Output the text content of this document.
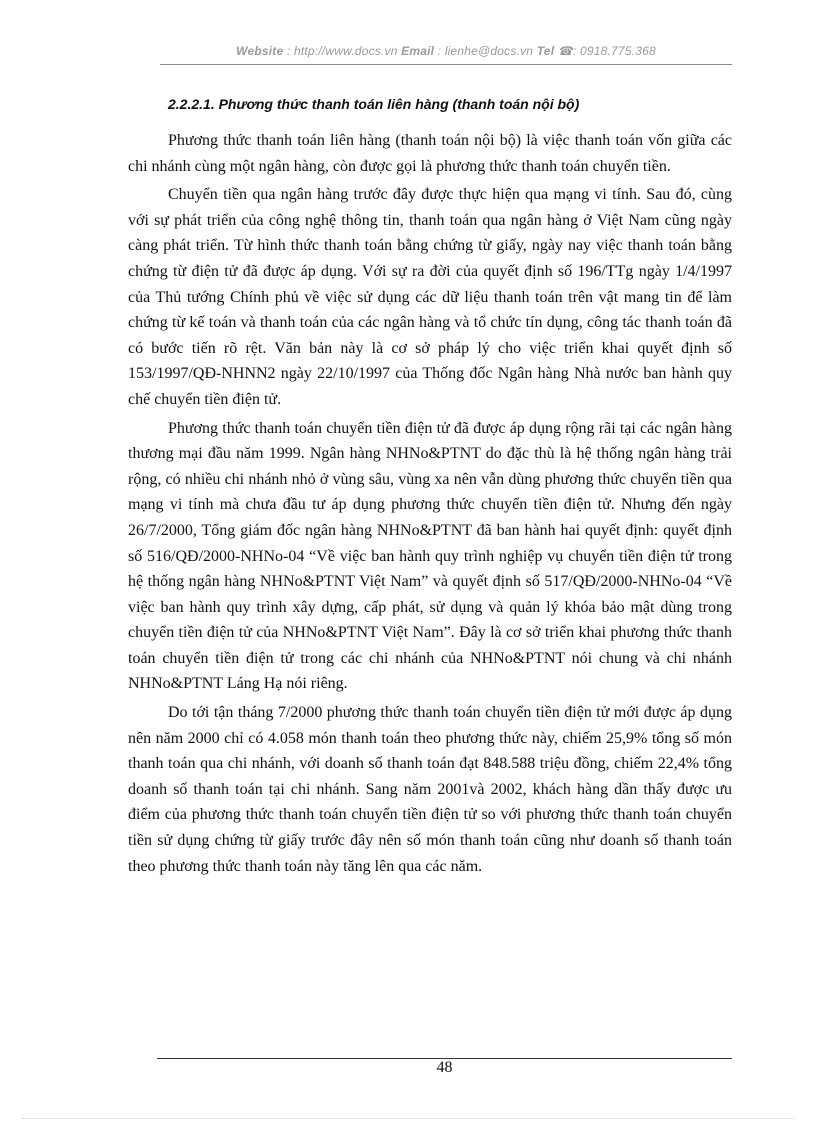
Website : http://www.docs.vn Email : lienhe@docs.vn Tel ☎: 0918.775.368
2.2.2.1. Phương thức thanh toán liên hàng (thanh toán nội bộ)

Phương thức thanh toán liên hàng (thanh toán nội bộ) là việc thanh toán vốn giữa các chi nhánh cùng một ngân hàng, còn được gọi là phương thức thanh toán chuyển tiền.

Chuyển tiền qua ngân hàng trước đây được thực hiện qua mạng vi tính. Sau đó, cùng với sự phát triển của công nghệ thông tin, thanh toán qua ngân hàng ở Việt Nam cũng ngày càng phát triển. Từ hình thức thanh toán bằng chứng từ giấy, ngày nay việc thanh toán bằng chứng từ điện tử đã được áp dụng. Với sự ra đời của quyết định số 196/TTg ngày 1/4/1997 của Thủ tướng Chính phủ về việc sử dụng các dữ liệu thanh toán trên vật mang tin để làm chứng từ kế toán và thanh toán của các ngân hàng và tổ chức tín dụng, công tác thanh toán đã có bước tiến rõ rệt. Văn bản này là cơ sở pháp lý cho việc triển khai quyết định số 153/1997/QĐ-NHNN2 ngày 22/10/1997 của Thống đốc Ngân hàng Nhà nước ban hành quy chế chuyển tiền điện tử.

Phương thức thanh toán chuyển tiền điện tử đã được áp dụng rộng rãi tại các ngân hàng thương mại đầu năm 1999. Ngân hàng NHNo&PTNT do đặc thù là hệ thống ngân hàng trải rộng, có nhiều chi nhánh nhỏ ở vùng sâu, vùng xa nên vẫn dùng phương thức chuyển tiền qua mạng vi tính mà chưa đầu tư áp dụng phương thức chuyển tiền điện tử. Nhưng đến ngày 26/7/2000, Tổng giám đốc ngân hàng NHNo&PTNT đã ban hành hai quyết định: quyết định số 516/QĐ/2000-NHNo-04 “Về việc ban hành quy trình nghiệp vụ chuyển tiền điện tử trong hệ thống ngân hàng NHNo&PTNT Việt Nam” và quyết định số 517/QĐ/2000-NHNo-04 “Về việc ban hành quy trình xây dựng, cấp phát, sử dụng và quản lý khóa bảo mật dùng trong chuyển tiền điện tử của NHNo&PTNT Việt Nam”. Đây là cơ sở triển khai phương thức thanh toán chuyển tiền điện tử trong các chi nhánh của NHNo&PTNT nói chung và chi nhánh NHNo&PTNT Láng Hạ nói riêng.

Do tới tận tháng 7/2000 phương thức thanh toán chuyển tiền điện tử mới được áp dụng nên năm 2000 chỉ có 4.058 món thanh toán theo phương thức này, chiếm 25,9% tổng số món thanh toán qua chi nhánh, với doanh số thanh toán đạt 848.588 triệu đồng, chiếm 22,4% tổng doanh số thanh toán tại chi nhánh. Sang năm 2001và 2002, khách hàng dần thấy được ưu điểm của phương thức thanh toán chuyển tiền điện tử so với phương thức thanh toán chuyển tiền sử dụng chứng từ giấy trước đây nên số món thanh toán cũng như doanh số thanh toán theo phương thức thanh toán này tăng lên qua các năm.

48
